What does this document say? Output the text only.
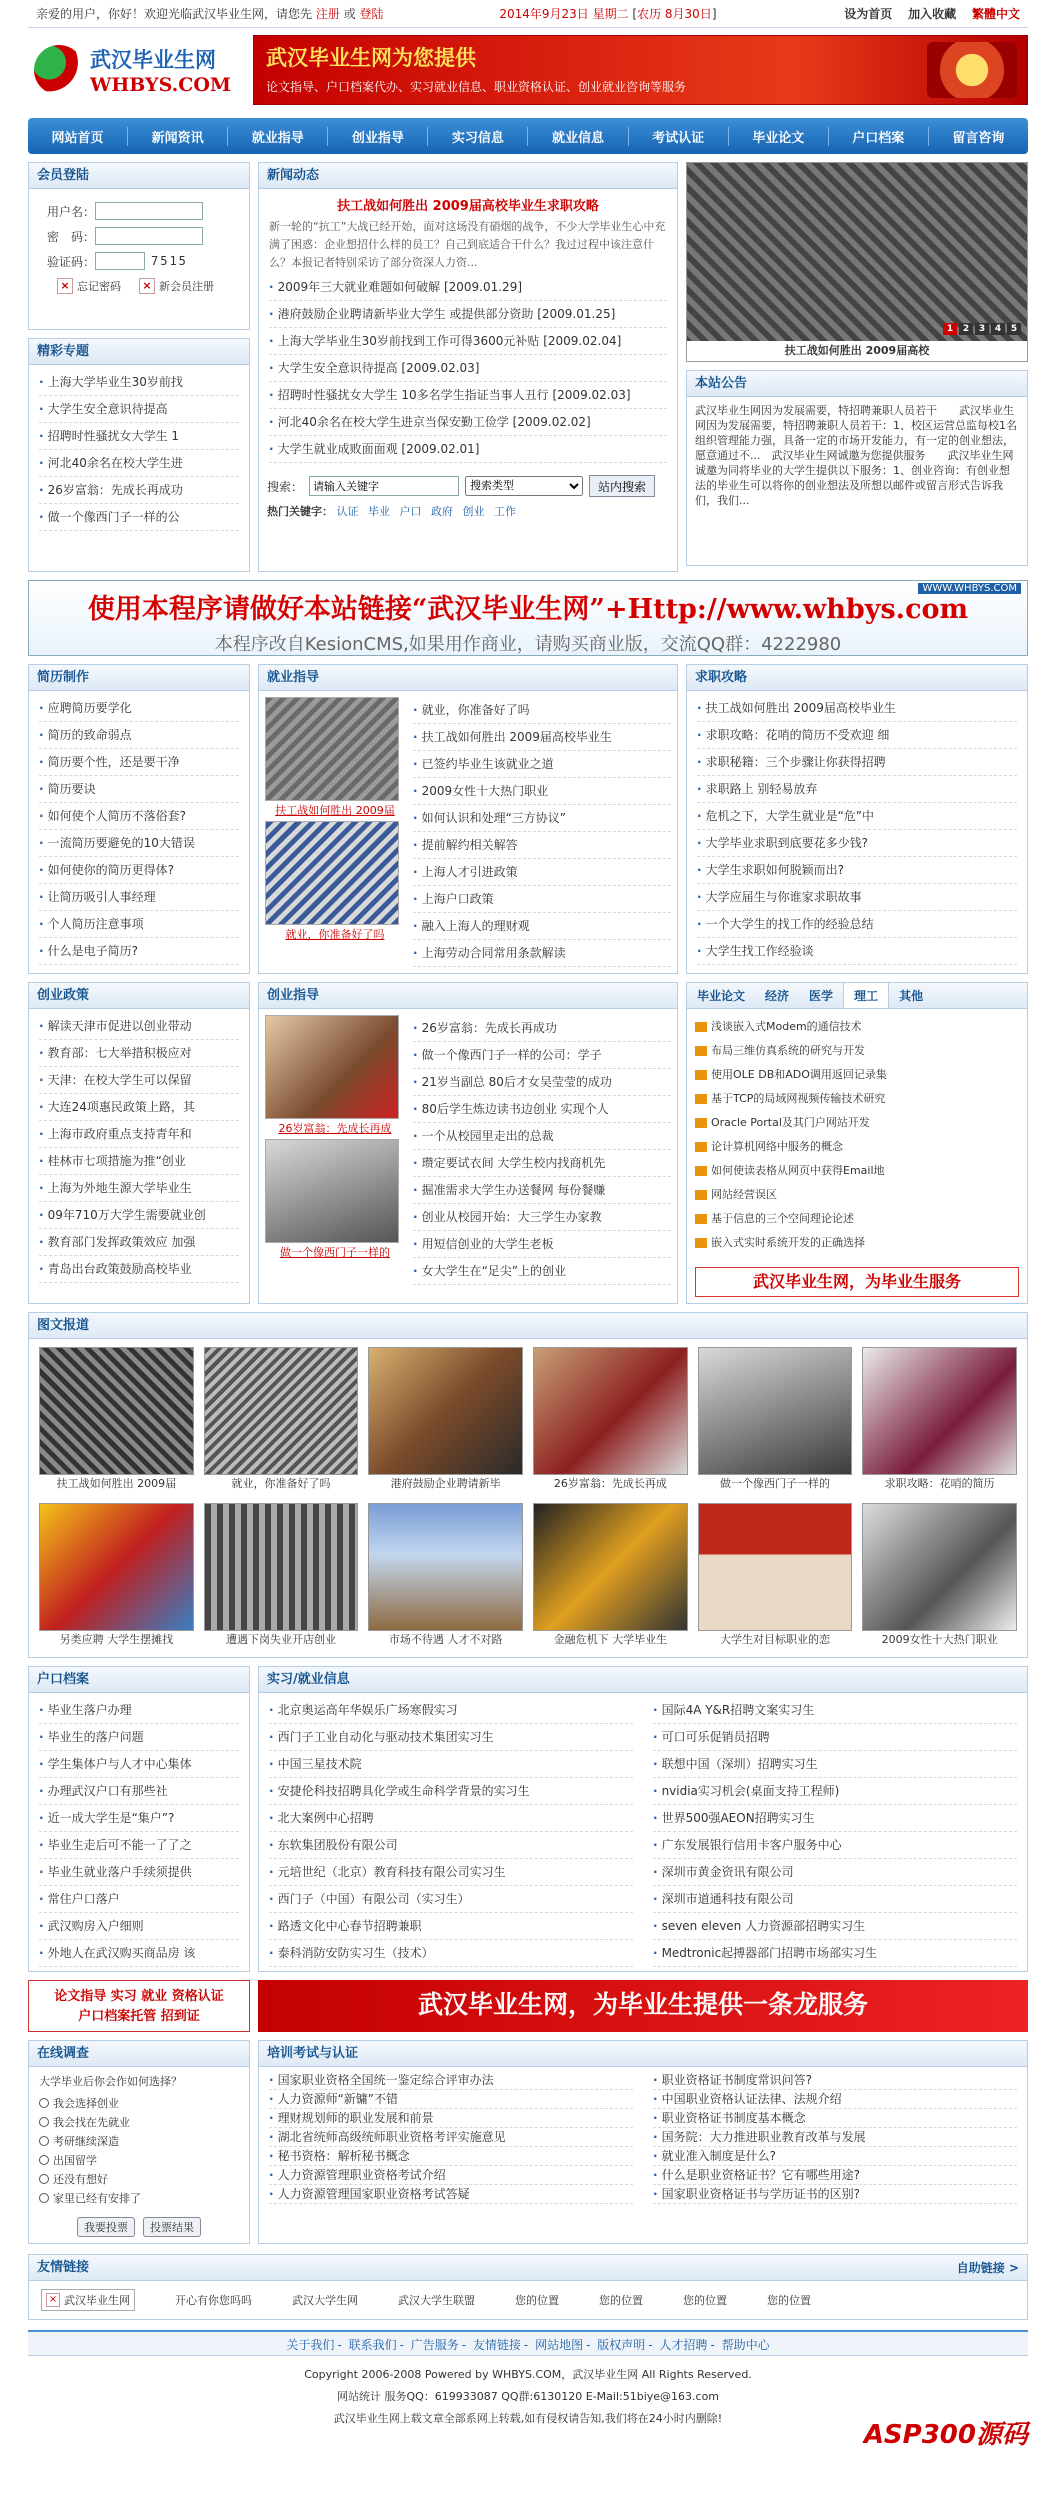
亲爱的用户，你好！欢迎光临武汉毕业生网，请您先 注册 或 登陆	2014年9月23日 星期二 [农历 8月30日]	设为首页 加入收藏 繁體中文
武汉毕业生网
WHBYS.COM
武汉毕业生网为您提供
论文指导、户口档案代办、实习就业信息、职业资格认证、创业就业咨询等服务
网站首页	新闻资讯	就业指导	创业指导	实习信息	就业信息	考试认证	毕业论文	户口档案	留言咨询
会员登陆
用户名：
密　码：
验证码：	7515
× 忘记密码	× 新会员注册
精彩专题
· 上海大学毕业生30岁前找
· 大学生安全意识待提高
· 招聘时性骚扰女大学生 1
· 河北40余名在校大学生进
· 26岁富翁：先成长再成功
· 做一个像西门子一样的公
新闻动态
扶工战如何胜出 2009届高校毕业生求职攻略
新一轮的“抗工”大战已经开始，面对这场没有硝烟的战争，不少大学毕业生心中充满了困惑：企业想招什么样的员工？自己到底适合干什么？我过过程中该注意什么？本报记者特别采访了部分资深人力资...
· 2009年三大就业难题如何破解 [2009.01.29]
· 港府鼓励企业聘请新毕业大学生 或提供部分资助 [2009.01.25]
· 上海大学毕业生30岁前找到工作可得3600元补贴 [2009.02.04]
· 大学生安全意识待提高 [2009.02.03]
· 招聘时性骚扰女大学生 10多名学生指证当事人丑行 [2009.02.03]
· 河北40余名在校大学生进京当保安勤工俭学 [2009.02.02]
· 大学生就业成败面面观 [2009.02.01]
搜索：
请输入关键字
搜索类型	站内搜索
热门关键字： 认证 毕业 户口 政府 创业 工作
1	2	3	4	5
扶工战如何胜出 2009届高校
本站公告
武汉毕业生网因为发展需要，特招聘兼职人员若干　　武汉毕业生网因为发展需要，特招聘兼职人员若干：1、校区运营总监每校1名组织管理能力强，具备一定的市场开发能力，有一定的创业想法，愿意通过不...　武汉毕业生网诚邀为您提供服务　　武汉毕业生网诚邀为同将毕业的大学生提供以下服务：1、创业咨询：有创业想法的毕业生可以将你的创业想法及所想以邮件或留言形式告诉我们，我们...
WWW.WHBYS.COM
使用本程序请做好本站链接“武汉毕业生网”+Http://www.whbys.com
本程序改自KesionCMS,如果用作商业，请购买商业版，交流QQ群：4222980
简历制作
· 应聘简历要学化
· 简历的致命弱点
· 简历要个性，还是要干净
· 简历要诀
· 如何使个人简历不落俗套?
· 一流简历要避免的10大错误
· 如何使你的简历更得体?
· 让简历吸引人事经理
· 个人简历注意事项
· 什么是电子简历?
就业指导
扶工战如何胜出 2009届
就业，你准备好了吗
· 就业，你准备好了吗
· 扶工战如何胜出 2009届高校毕业生
· 已签约毕业生该就业之道
· 2009女性十大热门职业
· 如何认识和处理“三方协议”
· 提前解约相关解答
· 上海人才引进政策
· 上海户口政策
· 融入上海人的理财观
· 上海劳动合同常用条款解读
求职攻略
· 扶工战如何胜出 2009届高校毕业生
· 求职攻略：花哨的简历不受欢迎 细
· 求职秘籍：三个步骤让你获得招聘
· 求职路上 别轻易放弃
· 危机之下，大学生就业是“危”中
· 大学毕业求职到底要花多少钱?
· 大学生求职如何脱颖而出?
· 大学应届生与你谁家求职故事
· 一个大学生的找工作的经验总结
· 大学生找工作经验谈
创业政策
· 解读天津市促进以创业带动
· 教育部：七大举措积极应对
· 天津：在校大学生可以保留
· 大连24项惠民政策上路，其
· 上海市政府重点支持青年和
· 桂林市七项措施为推“创业
· 上海为外地生源大学毕业生
· 09年710万大学生需要就业创
· 教育部门发挥政策效应 加强
· 青岛出台政策鼓励高校毕业
创业指导
26岁富翁：先成长再成
做一个像西门子一样的
· 26岁富翁：先成长再成功
· 做一个像西门子一样的公司：学子
· 21岁当副总 80后才女吴莹莹的成功
· 80后学生炼边读书边创业 实现个人
· 一个从校园里走出的总裁
· 瓒定要试衣间 大学生校内找商机先
· 掘准需求大学生办送餐网 每份餐赚
· 创业从校园开始：大三学生办家教
· 用短信创业的大学生老板
· 女大学生在“足尖”上的创业
毕业论文	经济	医学	理工	其他
浅谈嵌入式Modem的通信技术
布局三维仿真系统的研究与开发
使用OLE DB和ADO调用返回记录集
基于TCP的局域网视频传输技术研究
Oracle Portal及其门户网站开发
论计算机网络中服务的概念
如何使读表格从网页中获得Email地
网站经营误区
基于信息的三个空间理论论述
嵌入式实时系统开发的正确选择
武汉毕业生网，为毕业生服务
图文报道
扶工战如何胜出 2009届	就业，你准备好了吗	港府鼓励企业聘请新毕	26岁富翁：先成长再成	做一个像西门子一样的	求职攻略：花哨的简历
另类应聘 大学生摆摊找	遭遇下岗失业开店创业	市场不待遇 人才不对路	金融危机下 大学毕业生	大学生对目标职业的恋	2009女性十大热门职业
户口档案
· 毕业生落户办理
· 毕业生的落户问题
· 学生集体户与人才中心集体
· 办理武汉户口有那些社
· 近一成大学生是“集户”?
· 毕业生走后可不能一了了之
· 毕业生就业落户手续须提供
· 常住户口落户
· 武汉购房入户细则
· 外地人在武汉购买商品房 该
实习/就业信息
· 北京奥运高年华娱乐广场寒假实习
· 西门子工业自动化与驱动技术集团实习生
· 中国三星技术院
· 安捷伦科技招聘具化学或生命科学背景的实习生
· 北大案例中心招聘
· 东软集团股份有限公司
· 元培世纪（北京）教育科技有限公司实习生
· 西门子（中国）有限公司（实习生）
· 路透文化中心春节招聘兼职
· 泰科消防安防实习生（技术）
· 国际4A Y&R招聘文案实习生
· 可口可乐促销员招聘
· 联想中国（深圳）招聘实习生
· nvidia实习机会(桌面支持工程师)
· 世界500强AEON招聘实习生
· 广东发展银行信用卡客户服务中心
· 深圳市黄金资讯有限公司
· 深圳市道通科技有限公司
· seven eleven 人力资源部招聘实习生
· Medtronic起搏器部门招聘市场部实习生
论文指导 实习 就业 资格认证
户口档案托管 招到证	武汉毕业生网，为毕业生提供一条龙服务
在线调查
大学毕业后你会作如何选择？
我会选择创业
我会找在先就业
考研继续深造
出国留学
还没有想好
家里已经有安排了
我要投票	投票结果
培训考试与认证
· 国家职业资格全国统一鉴定综合评审办法
· 人力资源师“新镛”不错
· 理财规划师的职业发展和前景
· 湖北省统师高级统师职业资格考评实施意见
· 秘书资格：解析秘书概念
· 人力资源管理职业资格考试介绍
· 人力资源管理国家职业资格考试答疑
· 职业资格证书制度常识问答?
· 中国职业资格认证法律、法规介绍
· 职业资格证书制度基本概念
· 国务院：大力推进职业教育改革与发展
· 就业准入制度是什么?
· 什么是职业资格证书？它有哪些用途?
· 国家职业资格证书与学历证书的区别?
友情链接	自助链接 >
× 武汉毕业生网	开心有你您吗吗	武汉大学生网	武汉大学生联盟	您的位置	您的位置	您的位置	您的位置
关于我们 - 联系我们 - 广告服务 - 友情链接 - 网站地图 - 版权声明 - 人才招聘 - 帮助中心
Copyright 2006-2008 Powered by WHBYS.COM，武汉毕业生网 All Rights Reserved.
网站统计 服务QQ：619933087 QQ群:6130120 E-Mail:51biye@163.com
武汉毕业生网上载文章全部系网上转载,如有侵权请告知,我们将在24小时内删除!
ASP300源码
